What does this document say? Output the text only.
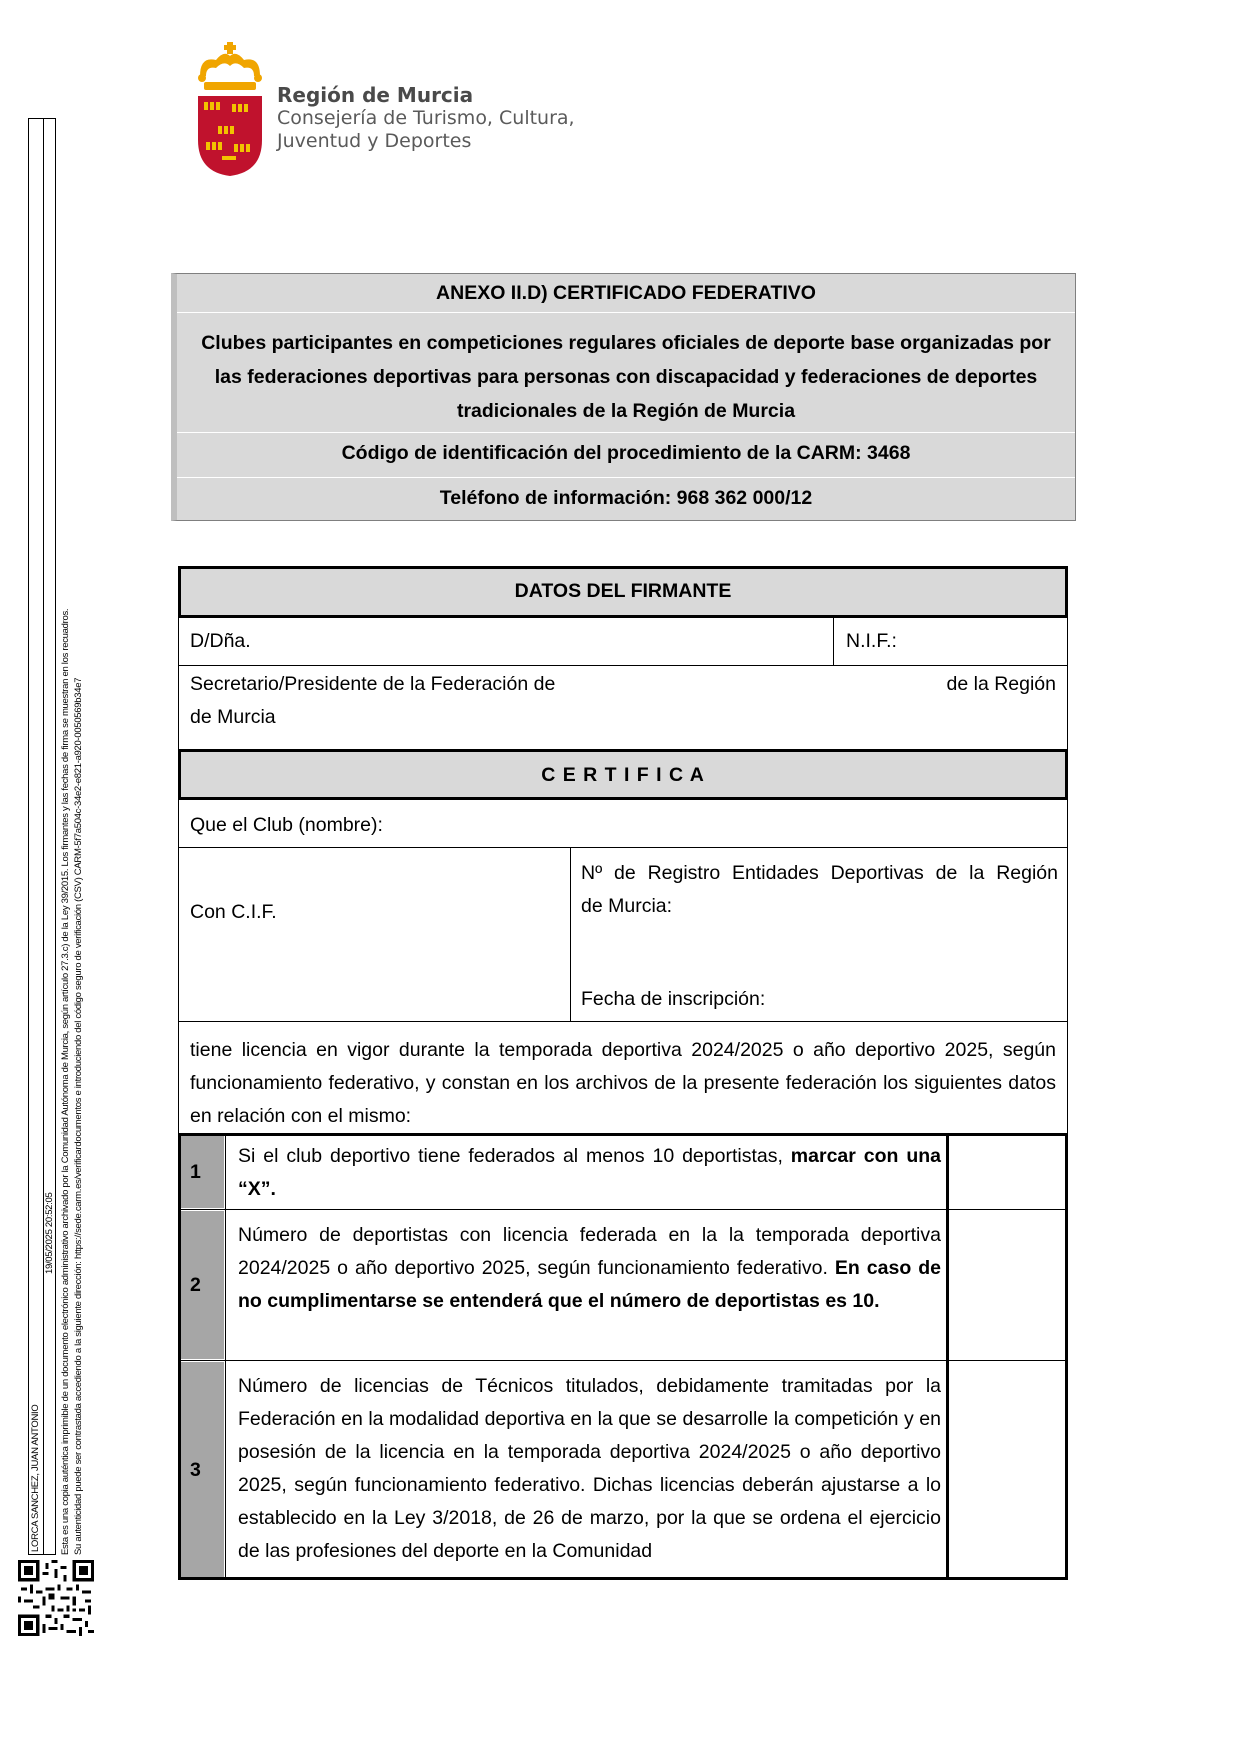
LORCA SANCHEZ, JUAN ANTONIO
19/05/2025 20:52:05 Esta es una copia auténtica imprimible de un documento electrónico administrativo archivado por la Comunidad Autónoma de Murcia, según artículo 27.3.c) de la Ley 39/2015. Los firmantes y las fechas de firma se muestran en los recuadros. Su autenticidad puede ser contrastada accediendo a la siguiente dirección: https://sede.carm.es/verificardocumentos e introduciendo del código seguro de verificación (CSV) CARM-5f7a504c-34e2-e821-a920-0050569b34e7
Región de Murcia
Consejería de Turismo, Cultura,
Juventud y Deportes
ANEXO II.D) CERTIFICADO FEDERATIVO
Clubes participantes en competiciones regulares oficiales de deporte base organizadas por
las federaciones deportivas para personas con discapacidad y federaciones de deportes
tradicionales de la Región de Murcia
Código de identificación del procedimiento de la CARM: 3468
Teléfono de información: 968 362 000/12
DATOS DEL FIRMANTE
D/Dña.	N.I.F.:
Secretario/Presidente de la Federación de	de la Región
de Murcia
C E R T I F I C A
Que el Club (nombre):
Con C.I.F.
Nº de Registro Entidades Deportivas de la Región
de Murcia:
Fecha de inscripción:
tiene licencia en vigor durante la temporada deportiva 2024/2025 o año deportivo 2025, según funcionamiento federativo, y constan en los archivos de la presente federación los siguientes datos en relación con el mismo:
1
Si el club deportivo tiene federados al menos 10 deportistas, marcar con una “X”.
2
Número de deportistas con licencia federada en la la temporada deportiva 2024/2025 o año deportivo 2025, según funcionamiento federativo. En caso de no cumplimentarse se entenderá que el número de deportistas es 10.
3
Número de licencias de Técnicos titulados, debidamente tramitadas por la Federación en la modalidad deportiva en la que se desarrolle la competición y en posesión de la licencia en la temporada deportiva 2024/2025 o año deportivo 2025, según funcionamiento federativo. Dichas licencias deberán ajustarse a lo establecido en la Ley 3/2018, de 26 de marzo, por la que se ordena el ejercicio de las profesiones del deporte en la Comunidad
